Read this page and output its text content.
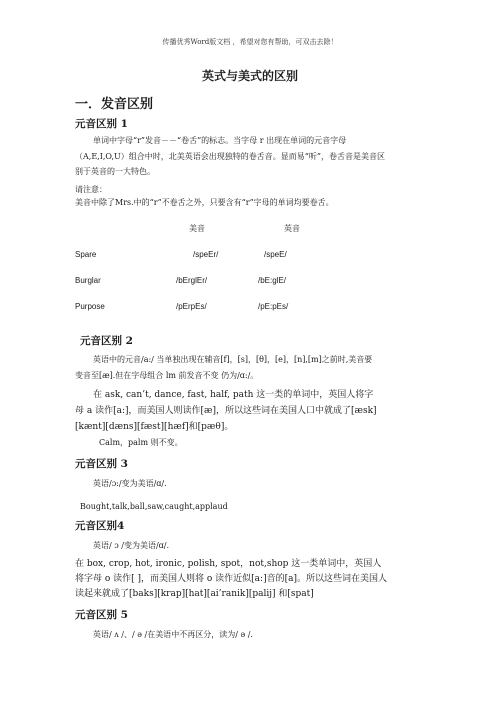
传播优秀Word版文档 ，希望对您有帮助，可双击去除！
英式与美式的区别
一．发音区别
元音区别 1
单词中字母“r”发音－－“卷舌”的标志。当字母 r 出现在单词的元音字母
（A,E,I,O,U）组合中时，北美英语会出现独特的卷舌音。显而易“听”，卷舌音是美音区
别于英音的一大特色。
请注意：
美音中除了Mrs.中的“r”不卷舌之外，只要含有“r”字母的单词均要卷舌。
美音	英音
Spare	/speEr/	/speE/
Burglar	/bErglEr/	/bE:glE/
Purpose	/pErpEs/	/pE:pEs/
元音区别 2
英语中的元音/a:/ 当单独出现在辅音[f]，[s]，[θ]，[e]，[n],[m]之前时,美音要
变音至[æ].但在字母组合 lm 前发音不变 仍为/ɑ:/。
在 ask, can’t, dance, fast, half, path 这一类的单词中，英国人将字
母 a 读作[a:]，而美国人则读作[æ]，所以这些词在美国人口中就成了[æsk]
[kænt][dæns][fæst][hæf]和[pæθ]。
Calm，palm 则不变。
元音区别 3
英语/ɔ:/变为美语/ɑ/.
Bought,talk,ball,saw,caught,applaud
元音区别4
英语/ ɔ /变为美语/ɑ/.
在 box, crop, hot, ironic, polish, spot，not,shop 这一类单词中，英国人
将字母 o 读作[ ]，而美国人则将 o 读作近似[a:]音的[a]。所以这些词在美国人
读起来就成了[baks][krap][hat][ai’ranik][palij] 和[spat]
元音区别 5
英语/ ʌ /、/ ə /在美语中不再区分，读为/ ə /.
